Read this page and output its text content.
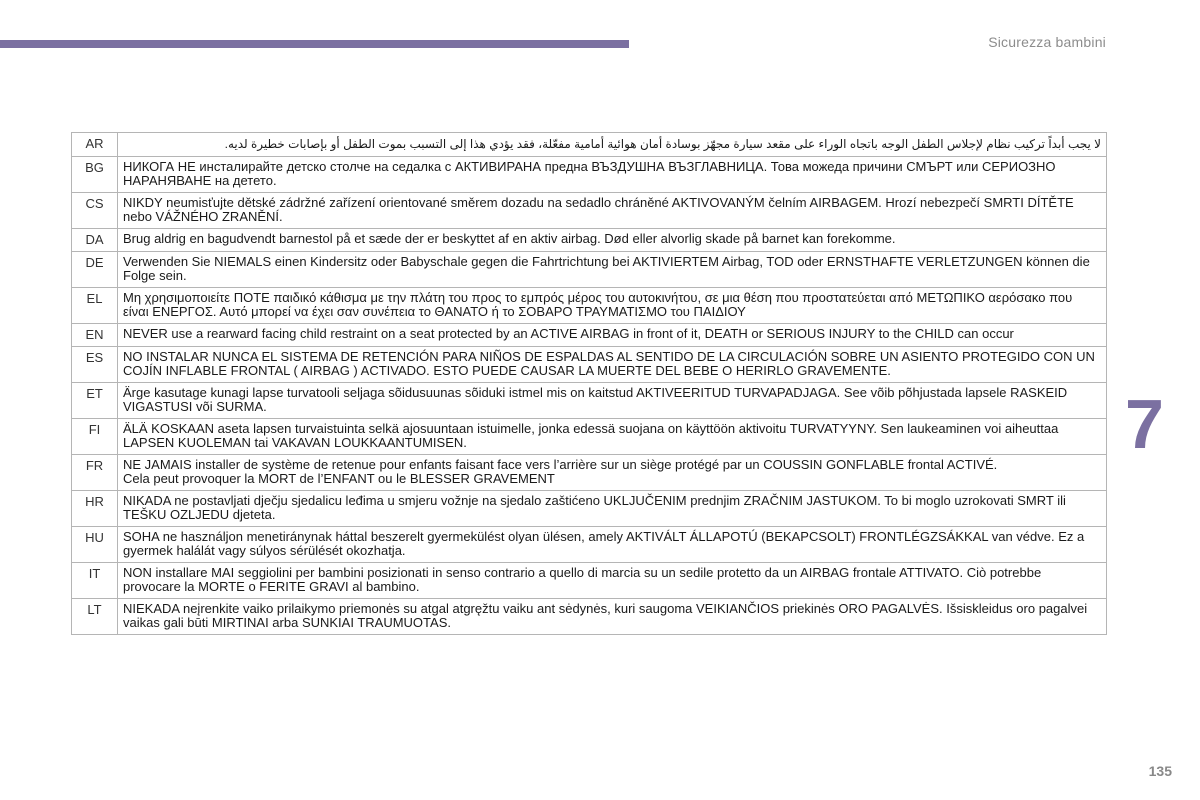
Sicurezza bambini
AR	لا يجب أبداً تركيب نظام لإجلاس الطفل الوجه باتجاه الوراء على مقعد سيارة مجهّز بوسادة أمان هوائية أمامية مفعّلة، فقد يؤدي هذا إلى التسبب بموت الطفل أو بإصابات خطيرة لديه.
BG	НИКОГА НЕ инсталирайте детско столче на седалка с АКТИВИРАНА предна ВЪЗДУШНА ВЪЗГЛАВНИЦА. Това можеда причини СМЪРТ или СЕРИОЗНО НАРАНЯВАНЕ на детето.
CS	NIKDY neumisťujte dětské zádržné zařízení orientované směrem dozadu na sedadlo chráněné AKTIVOVANÝM čelním AIRBAGEM. Hrozí nebezpečí SMRTI DÍTĚTE nebo VÁŽNÉHO ZRANĚNÍ.
DA	Brug aldrig en bagudvendt barnestol på et sæde der er beskyttet af en aktiv airbag. Død eller alvorlig skade på barnet kan forekomme.
DE	Verwenden Sie NIEMALS einen Kindersitz oder Babyschale gegen die Fahrtrichtung bei AKTIVIERTEM Airbag, TOD oder ERNSTHAFTE VERLETZUNGEN können die Folge sein.
EL	Μη χρησιμοποιείτε ΠΟΤΕ παιδικό κάθισμα με την πλάτη του προς το εμπρός μέρος του αυτοκινήτου, σε μια θέση που προστατεύεται από ΜΕΤΩΠΙΚΟ αερόσακο που είναι ΕΝΕΡΓΟΣ. Αυτό μπορεί να έχει σαν συνέπεια το ΘΑΝΑΤΟ ή το ΣΟΒΑΡΟ ΤΡΑΥΜΑΤΙΣΜΟ του ΠΑΙΔΙΟΥ
EN	NEVER use a rearward facing child restraint on a seat protected by an ACTIVE AIRBAG in front of it, DEATH or SERIOUS INJURY to the CHILD can occur
ES	NO INSTALAR NUNCA EL SISTEMA DE RETENCIÓN PARA NIÑOS DE ESPALDAS AL SENTIDO DE LA CIRCULACIÓN SOBRE UN ASIENTO PROTEGIDO CON UN COJÍN INFLABLE FRONTAL ( AIRBAG ) ACTIVADO. ESTO PUEDE CAUSAR LA MUERTE DEL BEBE O HERIRLO GRAVEMENTE.
ET	Ärge kasutage kunagi lapse turvatooli seljaga sõidusuunas sõiduki istmel mis on kaitstud AKTIVEERITUD TURVAPADJAGA. See võib põhjustada lapsele RASKEID VIGASTUSI või SURMA.
FI	ÄLÄ KOSKAAN aseta lapsen turvaistuinta selkä ajosuuntaan istuimelle, jonka edessä suojana on käyttöön aktivoitu TURVATYYNY. Sen laukeaminen voi aiheuttaa LAPSEN KUOLEMAN tai VAKAVAN LOUKKAANTUMISEN.
FR	NE JAMAIS installer de système de retenue pour enfants faisant face vers l’arrière sur un siège protégé par un COUSSIN GONFLABLE frontal ACTIVÉ.
Cela peut provoquer la MORT de l’ENFANT ou le BLESSER GRAVEMENT

HR	NIKADA ne postavljati dječju sjedalicu leđima u smjeru vožnje na sjedalo zaštićeno UKLJUČENIM prednjim ZRAČNIM JASTUKOM. To bi moglo uzrokovati SMRT ili TEŠKU OZLJEDU djeteta.
HU	SOHA ne használjon menetiránynak háttal beszerelt gyermekülést olyan ülésen, amely AKTIVÁLT ÁLLAPOTÚ (BEKAPCSOLT) FRONTLÉGZSÁKKAL van védve. Ez a gyermek halálát vagy súlyos sérülését okozhatja.
IT	NON installare MAI seggiolini per bambini posizionati in senso contrario a quello di marcia su un sedile protetto da un AIRBAG frontale ATTIVATO. Ciò potrebbe provocare la MORTE o FERITE GRAVI al bambino.
LT	NIEKADA neįrenkite vaiko prilaikymo priemonės su atgal atgręžtu vaiku ant sėdynės, kuri saugoma VEIKIANČIOS priekinės ORO PAGALVĖS. Išsiskleidus oro pagalvei vaikas gali būti MIRTINAI arba SUNKIAI TRAUMUOTAS.
7
135
